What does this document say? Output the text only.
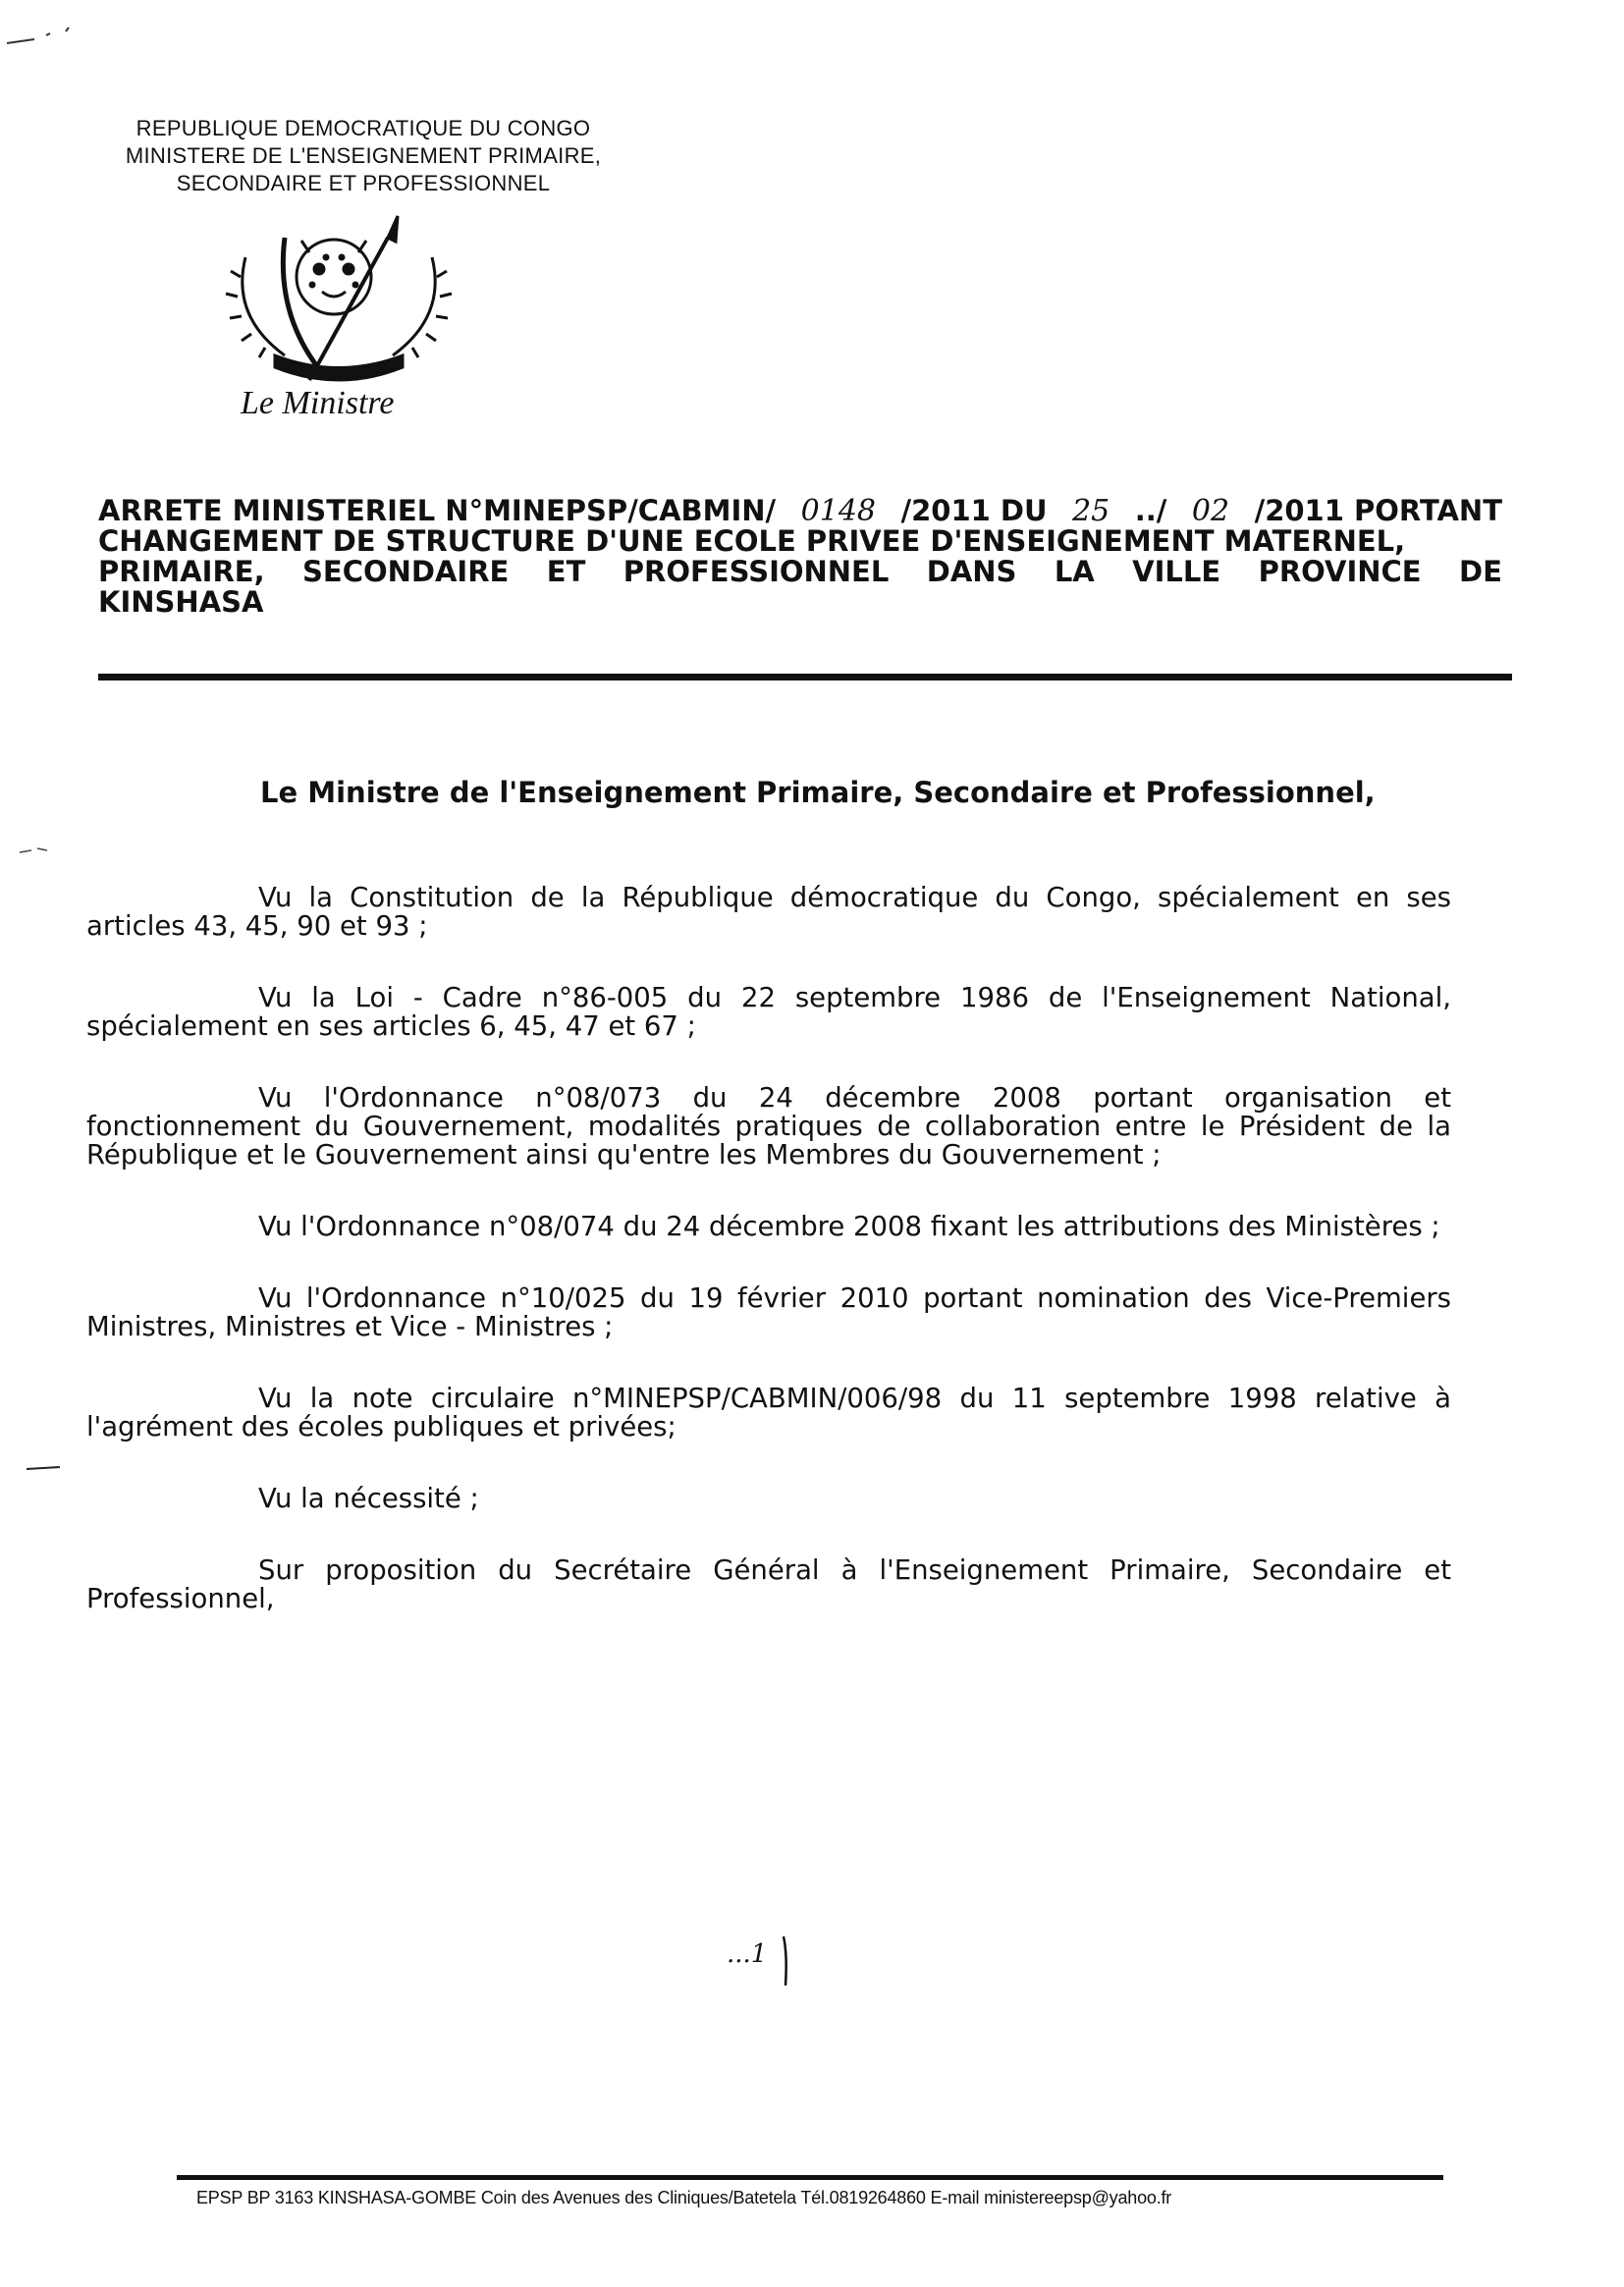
REPUBLIQUE DEMOCRATIQUE DU CONGO
MINISTERE DE L'ENSEIGNEMENT PRIMAIRE,
SECONDAIRE ET PROFESSIONNEL
Le Ministre
ARRETE MINISTERIEL N°MINEPSP/CABMIN/ 0148 /2011 DU 25 ../ 02 /2011 PORTANT
CHANGEMENT DE STRUCTURE D'UNE ECOLE PRIVEE D'ENSEIGNEMENT MATERNEL,
PRIMAIRE, SECONDAIRE ET PROFESSIONNEL DANS LA VILLE PROVINCE DE
KINSHASA
Le Ministre de l'Enseignement Primaire, Secondaire et Professionnel,

Vu la Constitution de la République démocratique du Congo, spécialement en ses articles 43, 45, 90 et 93 ;

Vu la Loi - Cadre n°86-005 du 22 septembre 1986 de l'Enseignement National, spécialement en ses articles 6, 45, 47 et 67 ;

Vu l'Ordonnance n°08/073 du 24 décembre 2008 portant organisation et fonctionnement du Gouvernement, modalités pratiques de collaboration entre le Président de la République et le Gouvernement ainsi qu'entre les Membres du Gouvernement ;

Vu l'Ordonnance n°08/074 du 24 décembre 2008 fixant les attributions des Ministères ;

Vu l'Ordonnance n°10/025 du 19 février 2010 portant nomination des Vice-Premiers Ministres, Ministres et Vice - Ministres ;

Vu la note circulaire n°MINEPSP/CABMIN/006/98 du 11 septembre 1998 relative à l'agrément des écoles publiques et privées;

Vu la nécessité ;

Sur proposition du Secrétaire Général à l'Enseignement Primaire, Secondaire et Professionnel,

...1
EPSP BP 3163 KINSHASA-GOMBE Coin des Avenues des Cliniques/Batetela Tél.0819264860 E-mail ministereepsp@yahoo.fr
